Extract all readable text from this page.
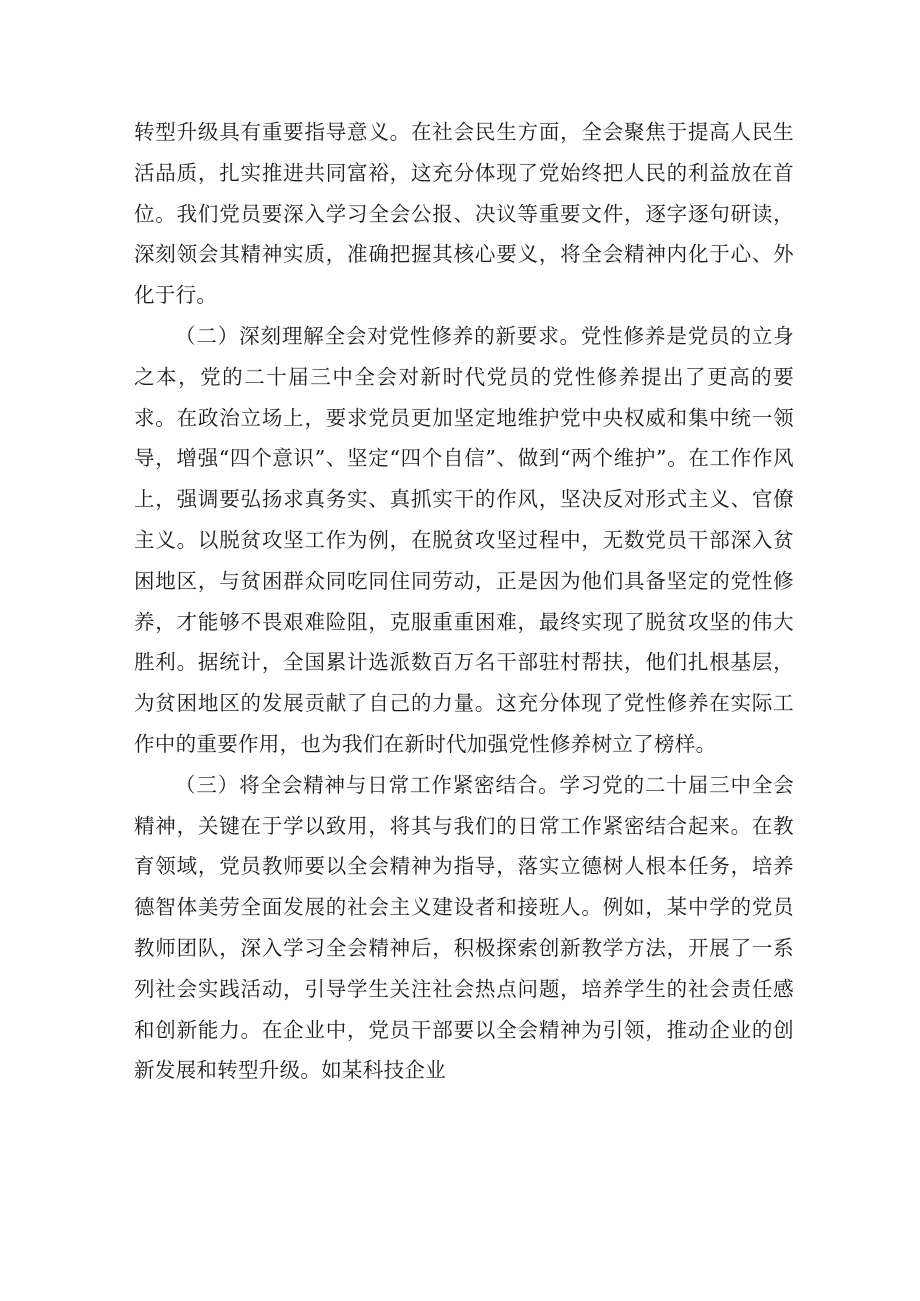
转型升级具有重要指导意义。在社会民生方面，全会聚焦于提高人民生活品质，扎实推进共同富裕，这充分体现了党始终把人民的利益放在首位。我们党员要深入学习全会公报、决议等重要文件，逐字逐句研读，深刻领会其精神实质，准确把握其核心要义，将全会精神内化于心、外化于行。

（二）深刻理解全会对党性修养的新要求。党性修养是党员的立身之本，党的二十届三中全会对新时代党员的党性修养提出了更高的要求。在政治立场上，要求党员更加坚定地维护党中央权威和集中统一领导，增强“四个意识”、坚定“四个自信”、做到“两个维护”。在工作作风上，强调要弘扬求真务实、真抓实干的作风，坚决反对形式主义、官僚主义。以脱贫攻坚工作为例，在脱贫攻坚过程中，无数党员干部深入贫困地区，与贫困群众同吃同住同劳动，正是因为他们具备坚定的党性修养，才能够不畏艰难险阻，克服重重困难，最终实现了脱贫攻坚的伟大胜利。据统计，全国累计选派数百万名干部驻村帮扶，他们扎根基层，为贫困地区的发展贡献了自己的力量。这充分体现了党性修养在实际工作中的重要作用，也为我们在新时代加强党性修养树立了榜样。

（三）将全会精神与日常工作紧密结合。学习党的二十届三中全会精神，关键在于学以致用，将其与我们的日常工作紧密结合起来。在教育领域，党员教师要以全会精神为指导，落实立德树人根本任务，培养德智体美劳全面发展的社会主义建设者和接班人。例如，某中学的党员教师团队，深入学习全会精神后，积极探索创新教学方法，开展了一系列社会实践活动，引导学生关注社会热点问题，培养学生的社会责任感和创新能力。在企业中，党员干部要以全会精神为引领，推动企业的创新发展和转型升级。如某科技企业
